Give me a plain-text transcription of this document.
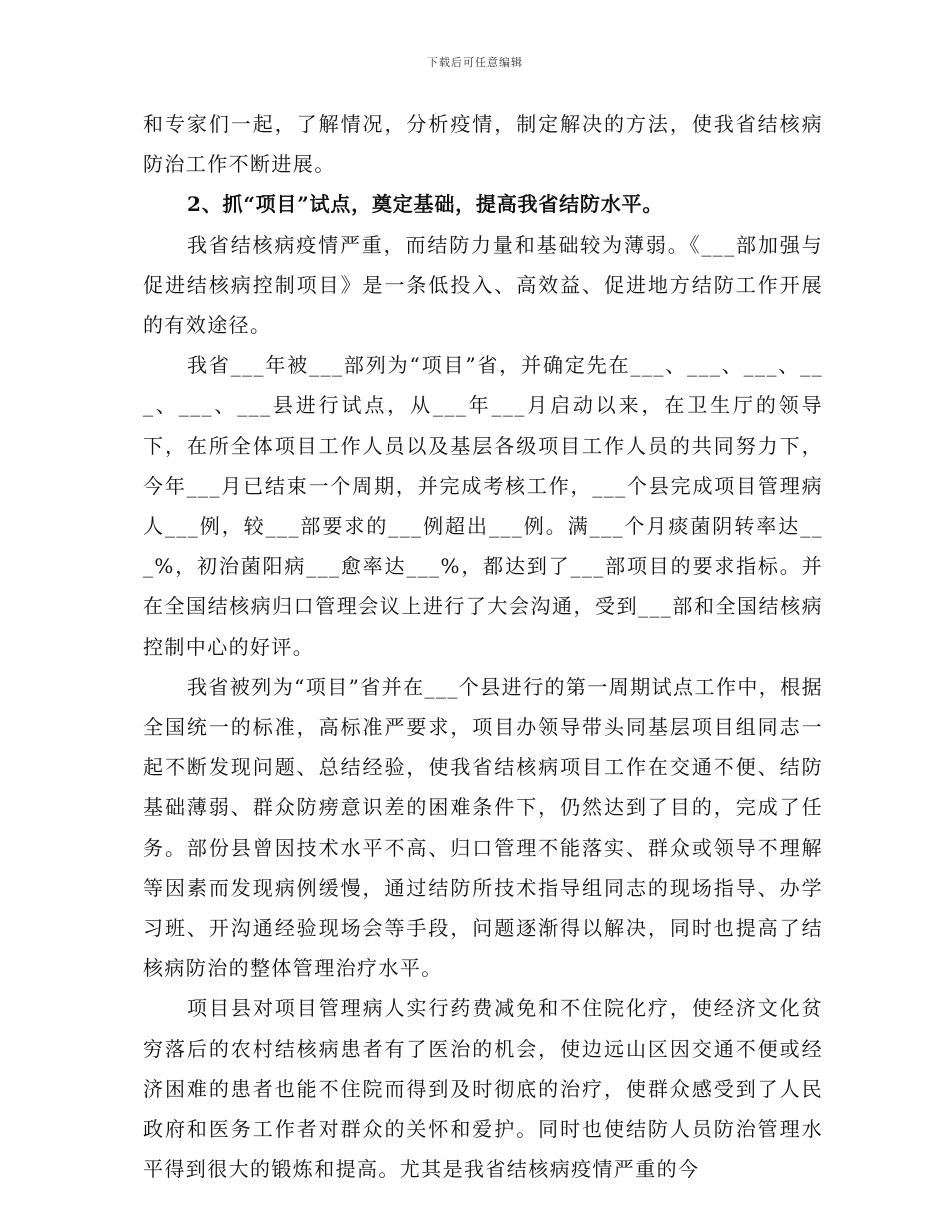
下载后可任意编辑

和专家们一起，了解情况，分析疫情，制定解决的方法，使我省结核病防治工作不断进展。

2、抓“项目”试点，奠定基础，提高我省结防水平。

我省结核病疫情严重，而结防力量和基础较为薄弱。《___部加强与促进结核病控制项目》是一条低投入、高效益、促进地方结防工作开展的有效途径。

我省___年被___部列为“项目”省，并确定先在___、___、___、___、___、___县进行试点，从___年___月启动以来，在卫生厅的领导下，在所全体项目工作人员以及基层各级项目工作人员的共同努力下，今年___月已结束一个周期，并完成考核工作，___个县完成项目管理病人___例，较___部要求的___例超出___例。满___个月痰菌阴转率达___%，初治菌阳病___愈率达___%，都达到了___部项目的要求指标。并在全国结核病归口管理会议上进行了大会沟通，受到___部和全国结核病控制中心的好评。

我省被列为“项目”省并在___个县进行的第一周期试点工作中，根据全国统一的标准，高标准严要求，项目办领导带头同基层项目组同志一起不断发现问题、总结经验，使我省结核病项目工作在交通不便、结防基础薄弱、群众防痨意识差的困难条件下，仍然达到了目的，完成了任务。部份县曾因技术水平不高、归口管理不能落实、群众或领导不理解等因素而发现病例缓慢，通过结防所技术指导组同志的现场指导、办学习班、开沟通经验现场会等手段，问题逐渐得以解决，同时也提高了结核病防治的整体管理治疗水平。

项目县对项目管理病人实行药费减免和不住院化疗，使经济文化贫穷落后的农村结核病患者有了医治的机会，使边远山区因交通不便或经济困难的患者也能不住院而得到及时彻底的治疗，使群众感受到了人民政府和医务工作者对群众的关怀和爱护。同时也使结防人员防治管理水平得到很大的锻炼和提高。尤其是我省结核病疫情严重的今
